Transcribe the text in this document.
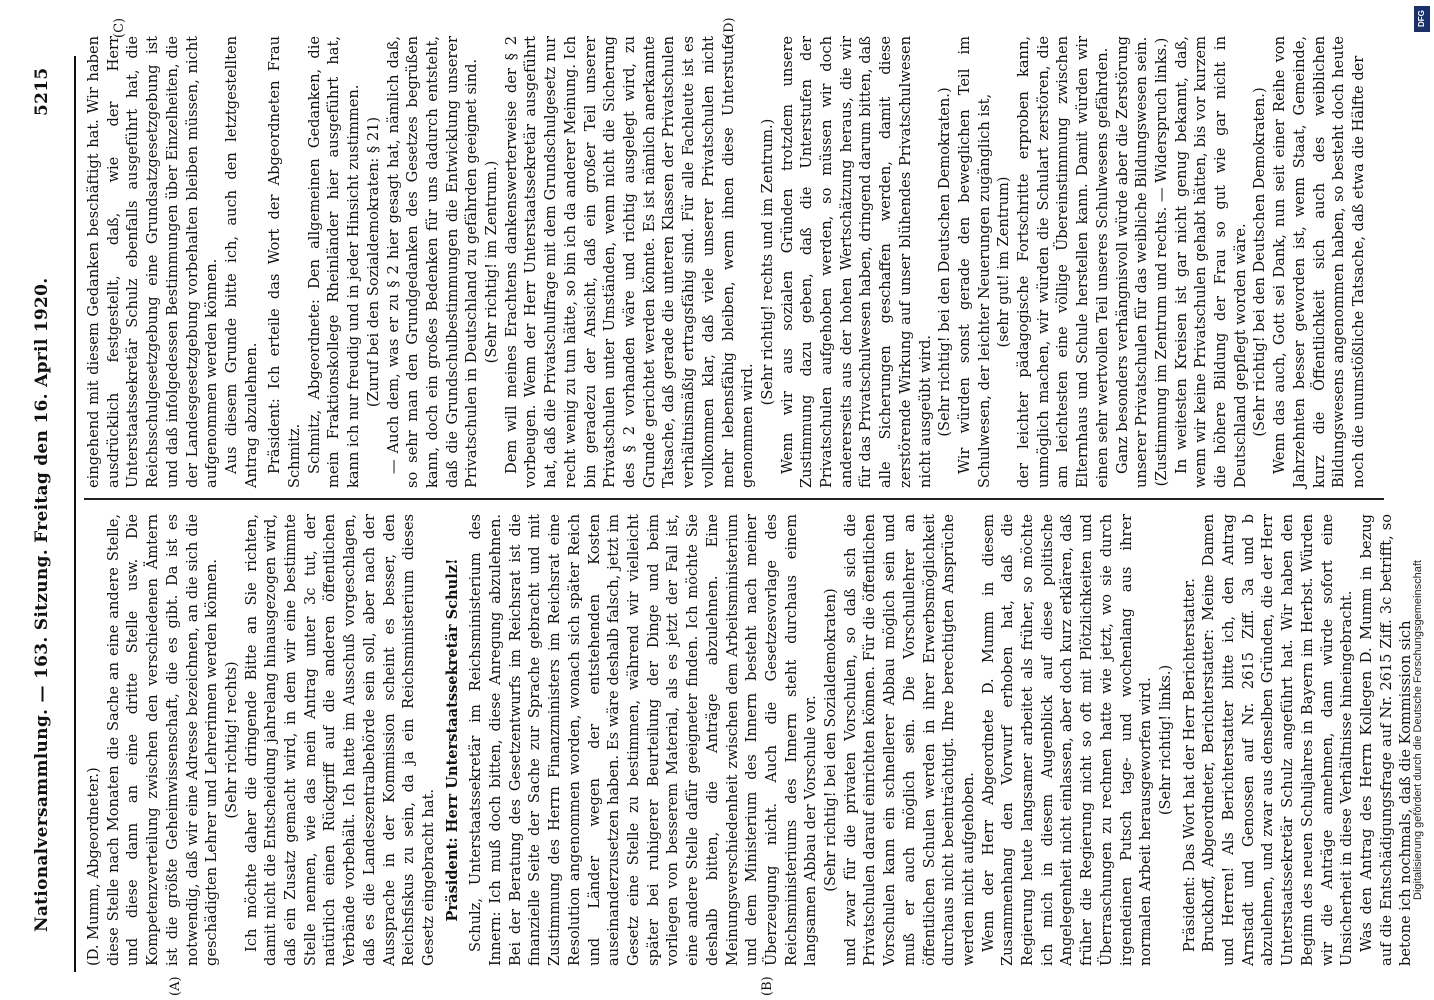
Nationalversammlung. — 163. Sitzung. Freitag den 16. April 1920.
5215
(A)	(B)
(C)	(D)

(D. Mumm, Abgeordneter.) diese Stelle nach Monaten die Sache an eine andere Stelle, und diese dann an eine dritte Stelle usw. Die Kompetenzverteilung zwischen den verschiedenen Ämtern ist die größte Geheimwissenschaft, die es gibt. Da ist es notwendig, daß wir eine Adresse bezeichnen, an die sich die geschädigten Lehrer und Lehrerinnen werden können. (Sehr richtig! rechts) Ich möchte daher die dringende Bitte an Sie richten, damit nicht die Entscheidung jahrelang hinausgezogen wird, daß ein Zusatz gemacht wird, in dem wir eine bestimmte Stelle nennen, wie das mein Antrag unter 3c tut, der natürlich einen Rückgriff auf die anderen öffentlichen Verbände vorbehält. Ich hatte im Ausschuß vorgeschlagen, daß es die Landeszentralbehörde sein soll, aber nach der Aussprache in der Kommission scheint es besser, den Reichsfiskus zu sein, da ja ein Reichsministerium dieses Gesetz eingebracht hat. Präsident: Herr Unterstaatssekretär Schulz! Schulz, Unterstaatssekretär im Reichsministerium des Innern: Ich muß doch bitten, diese Anregung abzulehnen. Bei der Beratung des Gesetzentwurfs im Reichsrat ist die finanzielle Seite der Sache zur Sprache gebracht und mit Zustimmung des Herrn Finanzministers im Reichsrat eine Resolution angenommen worden, wonach sich später Reich und Länder wegen der entstehenden Kosten auseinanderzusetzen haben. Es wäre deshalb falsch, jetzt im Gesetz eine Stelle zu bestimmen, während wir vielleicht später bei ruhigerer Beurteilung der Dinge und beim vorliegen von besserem Material, als es jetzt der Fall ist, eine andere Stelle dafür geeigneter finden. Ich möchte Sie deshalb bitten, die Anträge abzulehnen. Eine Meinungsverschiedenheit zwischen dem Arbeitsministerium und dem Ministerium des Innern besteht nach meiner Überzeugung nicht. Auch die Gesetzesvorlage des Reichsministeriums des Innern steht durchaus einem langsamen Abbau der Vorschule vor. (Sehr richtig! bei den Sozialdemokraten) und zwar für die privaten Vorschulen, so daß sich die Privatschulen darauf einrichten können. Für die öffentlichen Vorschulen kann ein schnellerer Abbau möglich sein und muß er auch möglich sein. Die Vorschullehrer an öffentlichen Schulen werden in ihrer Erwerbsmöglichkeit durchaus nicht beeinträchtigt. Ihre berechtigten Ansprüche werden nicht aufgehoben. Wenn der Herr Abgeordnete D. Mumm in diesem Zusammenhang den Vorwurf erhoben hat, daß die Regierung heute langsamer arbeitet als früher, so möchte ich mich in diesem Augenblick auf diese politische Angelegenheit nicht einlassen, aber doch kurz erklären, daß früher die Regierung nicht so oft mit Plötzlichkeiten und Überraschungen zu rechnen hatte wie jetzt, wo sie durch irgendeinen Putsch tage- und wochenlang aus ihrer normalen Arbeit herausgeworfen wird. (Sehr richtig! links.) Präsident: Das Wort hat der Herr Berichterstatter. Bruckhoff, Abgeordneter, Berichterstatter: Meine Damen und Herren! Als Berichterstatter bitte ich, den Antrag Arnstadt und Genossen auf Nr. 2615 Ziff. 3a und b abzulehnen, und zwar aus denselben Gründen, die der Herr Unterstaatssekretär Schulz angeführt hat. Wir haben den Beginn des neuen Schuljahres in Bayern im Herbst. Würden wir die Anträge annehmen, dann würde sofort eine Unsicherheit in diese Verhältnisse hineingebracht. Was den Antrag des Herrn Kollegen D. Mumm in bezug auf die Entschädigungsfrage auf Nr. 2615 Ziff. 3c betrifft, so betone ich nochmals, daß die Kommission sich

eingehend mit diesem Gedanken beschäftigt hat. Wir haben ausdrücklich festgestellt, daß, wie der Herr Unterstaatssekretär Schulz ebenfalls ausgeführt hat, die Reichsschulgesetzgebung eine Grundsatzgesetzgebung ist und daß infolgedessen Bestimmungen über Einzelheiten, die der Landesgesetzgebung vorbehalten bleiben müssen, nicht aufgenommen werden können. Aus diesem Grunde bitte ich, auch den letztgestellten Antrag abzulehnen. Präsident: Ich erteile das Wort der Abgeordneten Frau Schmitz. Schmitz, Abgeordnete: Den allgemeinen Gedanken, die mein Fraktionskollege Rheinländer hier ausgeführt hat, kann ich nur freudig und in jeder Hinsicht zustimmen. (Zuruf bei den Sozialdemokraten: § 21) — Auch dem, was er zu § 2 hier gesagt hat, nämlich daß, so sehr man den Grundgedanken des Gesetzes begrüßen kann, doch ein großes Bedenken für uns dadurch entsteht, daß die Grundschulbestimmungen die Entwicklung unserer Privatschulen in Deutschland zu gefährden geeignet sind. (Sehr richtig! im Zentrum.) Dem will meines Erachtens dankenswerterweise der § 2 vorbeugen. Wenn der Herr Unterstaatssekretär ausgeführt hat, daß die Privatschulfrage mit dem Grundschulgesetz nur recht wenig zu tun hätte, so bin ich da anderer Meinung. Ich bin geradezu der Ansicht, daß ein großer Teil unserer Privatschulen unter Umständen, wenn nicht die Sicherung des § 2 vorhanden wäre und richtig ausgelegt wird, zu Grunde gerichtet werden könnte. Es ist nämlich anerkannte Tatsache, daß gerade die unteren Klassen der Privatschulen verhältnismäßig ertragsfähig sind. Für alle Fachleute ist es vollkommen klar, daß viele unserer Privatschulen nicht mehr lebensfähig bleiben, wenn ihnen diese Unterstufe genommen wird.

(Sehr richtig! rechts und im Zentrum.) Wenn wir aus sozialen Gründen trotzdem unsere Zustimmung dazu geben, daß die Unterstufen der Privatschulen aufgehoben werden, so müssen wir doch andererseits aus der hohen Wertschätzung heraus, die wir für das Privatschulwesen haben, dringend darum bitten, daß alle Sicherungen geschaffen werden, damit diese zerstörende Wirkung auf unser blühendes Privatschulwesen nicht ausgeübt wird. (Sehr richtig! bei den Deutschen Demokraten.) Wir würden sonst gerade den beweglichen Teil im Schulwesen, der leichter Neuerungen zugänglich ist, (sehr gut! im Zentrum) der leichter pädagogische Fortschritte erproben kann, unmöglich machen, wir würden die Schulart zerstören, die am leichtesten eine völlige Übereinstimmung zwischen Elternhaus und Schule herstellen kann. Damit würden wir einen sehr wertvollen Teil unseres Schulwesens gefährden. Ganz besonders verhängnisvoll würde aber die Zerstörung unserer Privatschulen für das weibliche Bildungswesen sein. (Zustimmung im Zentrum und rechts. — Widerspruch links.) In weitesten Kreisen ist gar nicht genug bekannt, daß, wenn wir keine Privatschulen gehabt hätten, bis vor kurzem die höhere Bildung der Frau so gut wie gar nicht in Deutschland gepflegt worden wäre. (Sehr richtig! bei den Deutschen Demokraten.) Wenn das auch, Gott sei Dank, nun seit einer Reihe von Jahrzehnten besser geworden ist, wenn Staat, Gemeinde, kurz die Öffentlichkeit sich auch des weiblichen Bildungswesens angenommen haben, so besteht doch heute noch die unumstößliche Tatsache, daß etwa die Hälfte der

Digitalisierung gefördert durch die Deutsche Forschungsgemeinschaft
DFG
